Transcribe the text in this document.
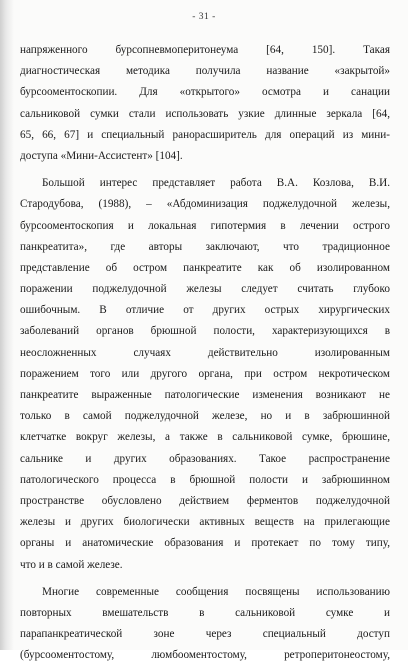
- 31 -
напряженного бурсопневмоперитонеума [64, 150]. Такая
диагностическая методика получила название «закрытой»
бурсооментоскопии. Для «открытого» осмотра и санации
сальниковой сумки стали использовать узкие длинные зеркала [64,
65, 66, 67] и специальный ранорасширитель для операций из мини-
доступа «Мини-Ассистент» [104].
Большой интерес представляет работа В.А. Козлова, В.И.
Стародубова, (1988), – «Абдоминизация поджелудочной железы,
бурсооментоскопия и локальная гипотермия в лечении острого
панкреатита», где авторы заключают, что традиционное
представление об остром панкреатите как об изолированном
поражении поджелудочной железы следует считать глубоко
ошибочным. В отличие от других острых хирургических
заболеваний органов брюшной полости, характеризующихся в
неосложненных случаях действительно изолированным
поражением того или другого органа, при остром некротическом
панкреатите выраженные патологические изменения возникают не
только в самой поджелудочной железе, но и в забрюшинной
клетчатке вокруг железы, а также в сальниковой сумке, брюшине,
сальнике и других образованиях. Такое распространение
патологического процесса в брюшной полости и забрюшинном
пространстве обусловлено действием ферментов поджелудочной
железы и других биологически активных веществ на прилегающие
органы и анатомические образования и протекает по тому типу,
что и в самой железе.
Многие современные сообщения посвящены использованию
повторных вмешательств в сальниковой сумке и
парапанкреатической зоне через специальный доступ
(бурсооментостому, люмбооментостому, ретроперитонеостому,
